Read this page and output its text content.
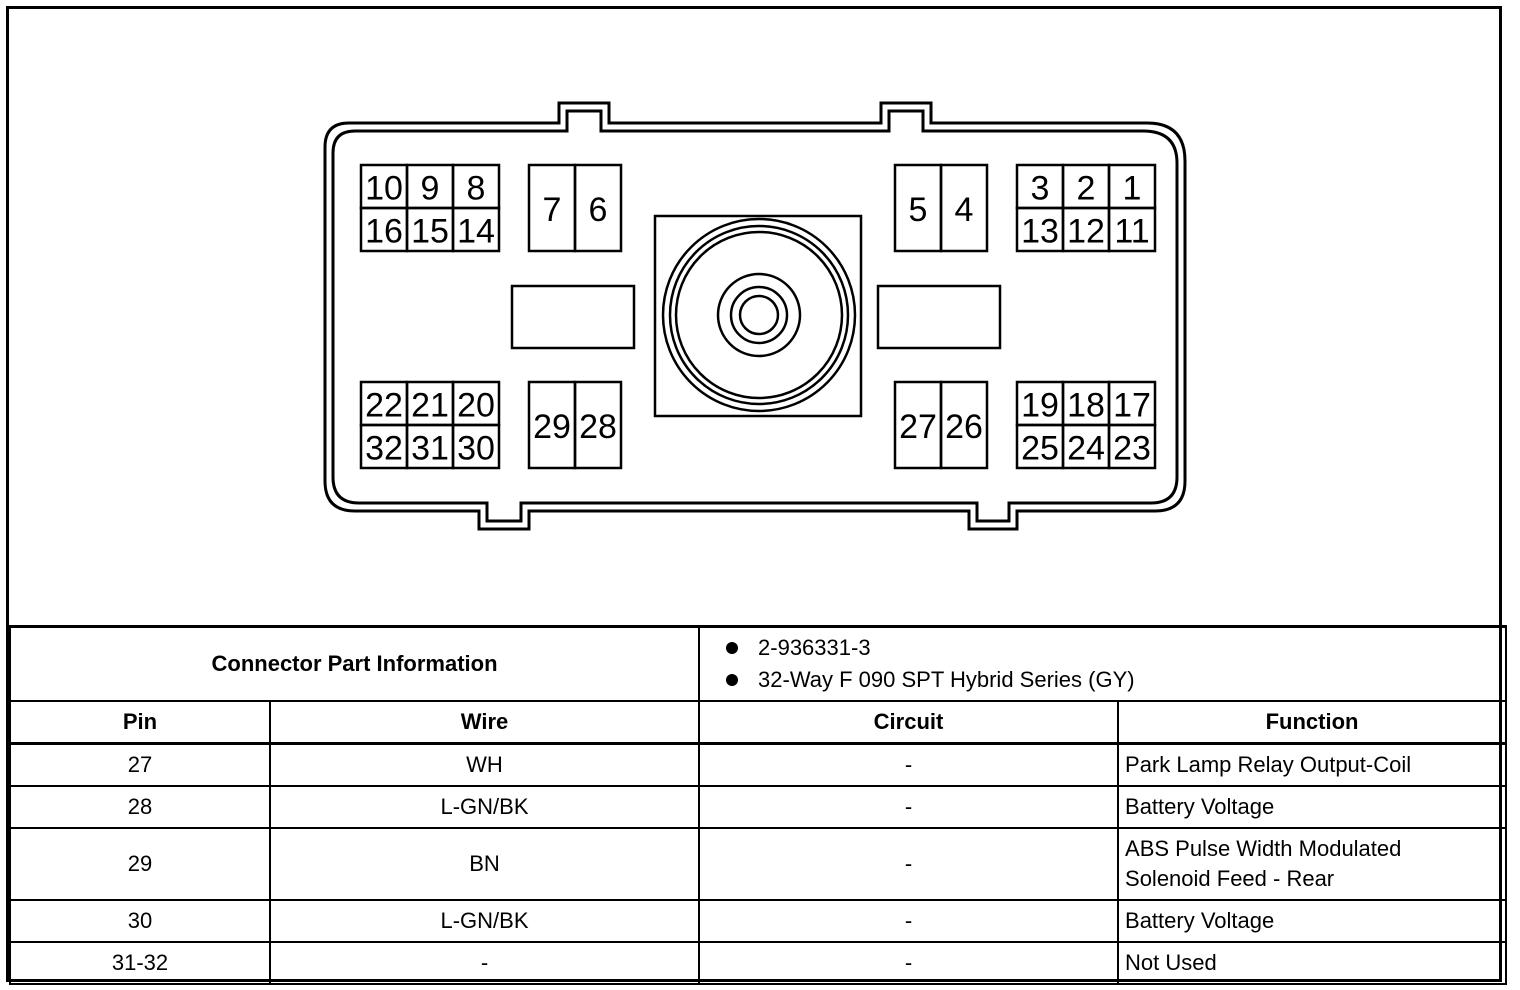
10 9 8
16 15 14
7 6	5 4
3 2 1
13 12 11
22 21 20
32 31 30
29 28	27 26
19 18 17
25 24 23
Connector Part Information		2-936331-3
32-Way F 090 SPT Hybrid Series (GY)	

Pin	Wire	Circuit	Function
27	WH	-	Park Lamp Relay Output-Coil

28	L-GN/BK	-	Battery Voltage

29	BN	-	ABS Pulse Width Modulated
Solenoid Feed - Rear

30	L-GN/BK	-	Battery Voltage

31-32	-	-	Not Used
